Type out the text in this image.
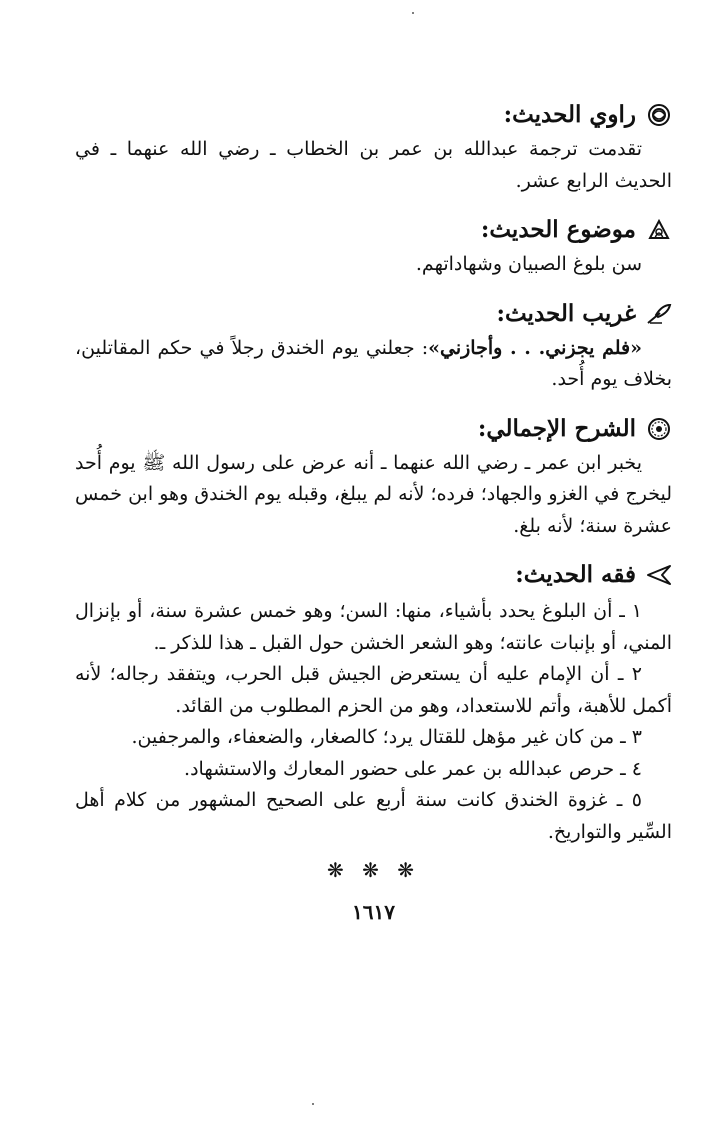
راوي الحديث:

تقدمت ترجمة عبدالله بن عمر بن الخطاب ـ رضي الله عنهما ـ في الحديث الرابع عشر.

موضوع الحديث:

سن بلوغ الصبيان وشهاداتهم.

غريب الحديث:

«فلم يجزني. . . وأجازني»: جعلني يوم الخندق رجلاً في حكم المقاتلين، بخلاف يوم أُحد.

الشرح الإجمالي:

يخبر ابن عمر ـ رضي الله عنهما ـ أنه عرض على رسول الله ﷺ يوم أُحد ليخرج في الغزو والجهاد؛ فرده؛ لأنه لم يبلغ، وقبله يوم الخندق وهو ابن خمس عشرة سنة؛ لأنه بلغ.

فقه الحديث:

١ ـ أن البلوغ يحدد بأشياء، منها: السن؛ وهو خمس عشرة سنة، أو بإنزال المني، أو بإنبات عانته؛ وهو الشعر الخشن حول القبل ـ هذا للذكر ـ.

٢ ـ أن الإمام عليه أن يستعرض الجيش قبل الحرب، ويتفقد رجاله؛ لأنه أكمل للأهبة، وأتم للاستعداد، وهو من الحزم المطلوب من القائد.

٣ ـ من كان غير مؤهل للقتال يرد؛ كالصغار، والضعفاء، والمرجفين.

٤ ـ حرص عبدالله بن عمر على حضور المعارك والاستشهاد.

٥ ـ غزوة الخندق كانت سنة أربع على الصحيح المشهور من كلام أهل السِّير والتواريخ.

❋ ❋ ❋
١٦١٧
